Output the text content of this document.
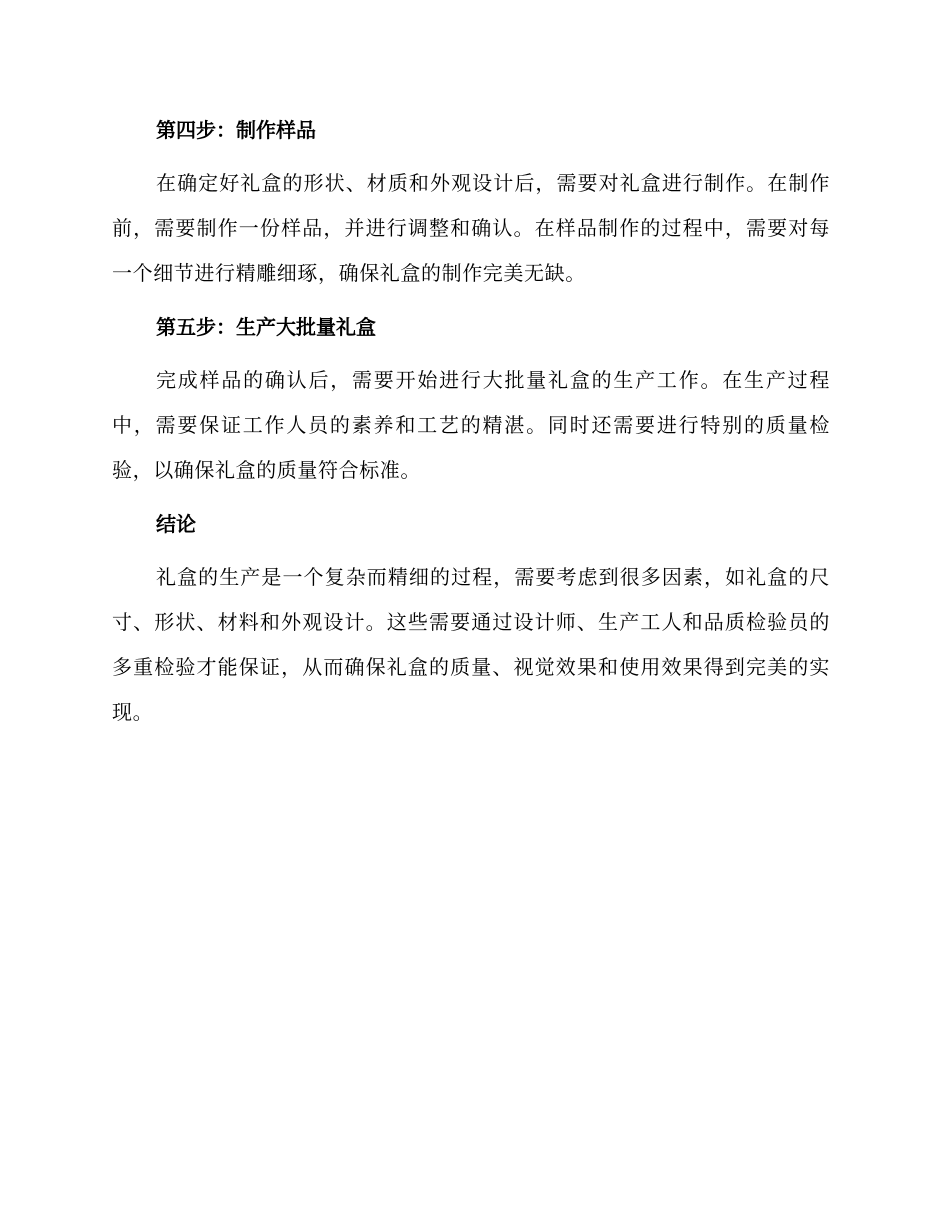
第四步：制作样品

在确定好礼盒的形状、材质和外观设计后，需要对礼盒进行制作。在制作前，需要制作一份样品，并进行调整和确认。在样品制作的过程中，需要对每一个细节进行精雕细琢，确保礼盒的制作完美无缺。

第五步：生产大批量礼盒

完成样品的确认后，需要开始进行大批量礼盒的生产工作。在生产过程中，需要保证工作人员的素养和工艺的精湛。同时还需要进行特别的质量检验，以确保礼盒的质量符合标准。

结论

礼盒的生产是一个复杂而精细的过程，需要考虑到很多因素，如礼盒的尺寸、形状、材料和外观设计。这些需要通过设计师、生产工人和品质检验员的多重检验才能保证，从而确保礼盒的质量、视觉效果和使用效果得到完美的实现。
